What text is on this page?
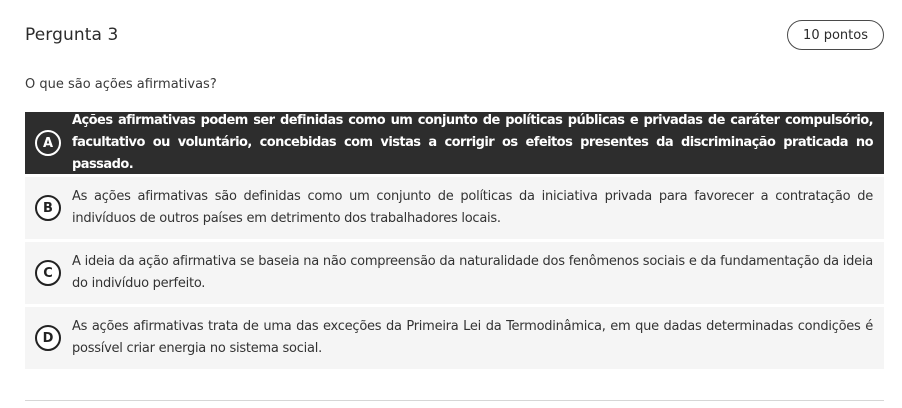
Pergunta 3	10 pontos
O que são ações afirmativas?
A
Ações afirmativas podem ser definidas como um conjunto de políticas públicas e privadas de caráter compulsório, facultativo ou voluntário, concebidas com vistas a corrigir os efeitos presentes da discriminação praticada no passado.
B
As ações afirmativas são definidas como um conjunto de políticas da iniciativa privada para favorecer a contratação de indivíduos de outros países em detrimento dos trabalhadores locais.
C
A ideia da ação afirmativa se baseia na não compreensão da naturalidade dos fenômenos sociais e da fundamentação da ideia do indivíduo perfeito.
D
As ações afirmativas trata de uma das exceções da Primeira Lei da Termodinâmica, em que dadas determinadas condições é possível criar energia no sistema social.
